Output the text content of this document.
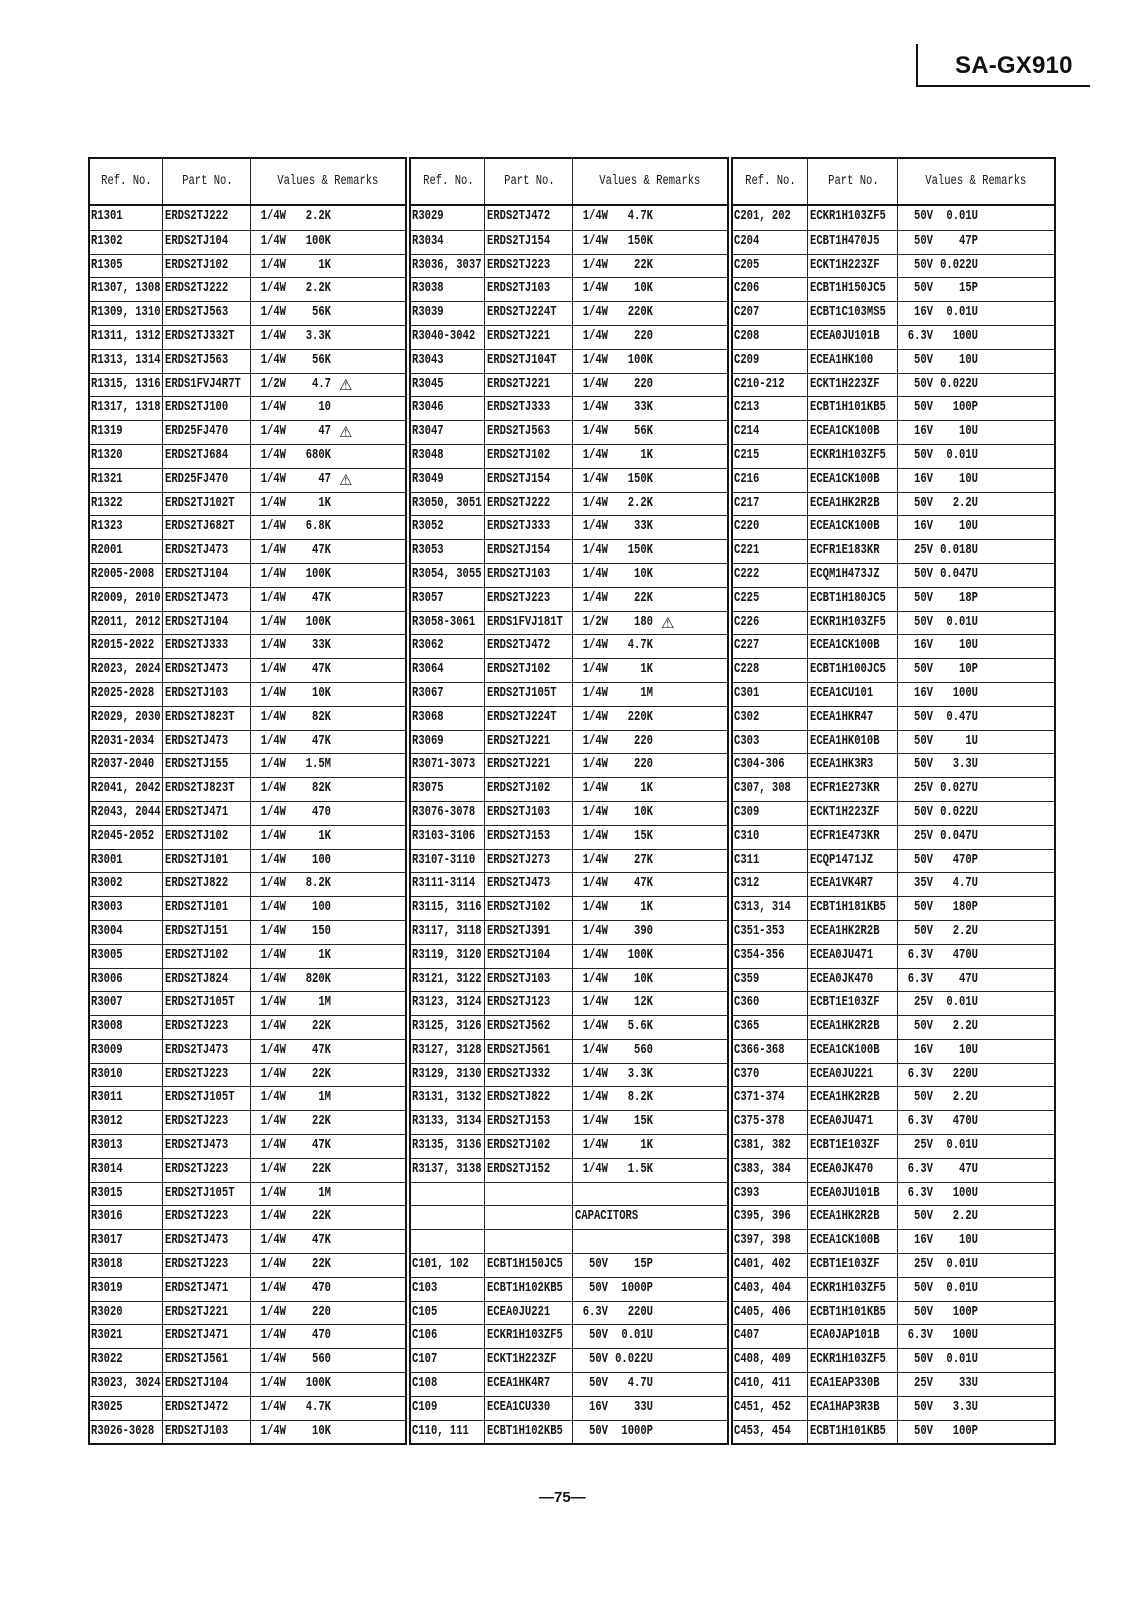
SA-GX910
Ref. No. Part No.	Values & Remarks
R1301	ERDS2TJ222	1/4W	2.2K
R1302	ERDS2TJ104	1/4W	100K
R1305	ERDS2TJ102	1/4W	1K
R1307, 1308 ERDS2TJ222	1/4W	2.2K
R1309, 1310 ERDS2TJ563	1/4W	56K
R1311, 1312 ERDS2TJ332T	1/4W	3.3K
R1313, 1314 ERDS2TJ563	1/4W	56K
R1315, 1316 ERDS1FVJ4R7T	1/2W	4.7 ⚠
R1317, 1318 ERDS2TJ100	1/4W	10
R1319	ERD25FJ470	1/4W	47 ⚠
R1320	ERDS2TJ684	1/4W	680K
R1321	ERD25FJ470	1/4W	47 ⚠
R1322	ERDS2TJ102T	1/4W	1K
R1323	ERDS2TJ682T	1/4W	6.8K
R2001	ERDS2TJ473	1/4W	47K
R2005-2008 ERDS2TJ104	1/4W	100K
R2009, 2010 ERDS2TJ473	1/4W	47K
R2011, 2012 ERDS2TJ104	1/4W	100K
R2015-2022 ERDS2TJ333	1/4W	33K
R2023, 2024 ERDS2TJ473	1/4W	47K
R2025-2028 ERDS2TJ103	1/4W	10K
R2029, 2030 ERDS2TJ823T	1/4W	82K
R2031-2034 ERDS2TJ473	1/4W	47K
R2037-2040 ERDS2TJ155	1/4W	1.5M
R2041, 2042 ERDS2TJ823T	1/4W	82K
R2043, 2044 ERDS2TJ471	1/4W	470
R2045-2052 ERDS2TJ102	1/4W	1K
R3001	ERDS2TJ101	1/4W	100
R3002	ERDS2TJ822	1/4W	8.2K
R3003	ERDS2TJ101	1/4W	100
R3004	ERDS2TJ151	1/4W	150
R3005	ERDS2TJ102	1/4W	1K
R3006	ERDS2TJ824	1/4W	820K
R3007	ERDS2TJ105T	1/4W	1M
R3008	ERDS2TJ223	1/4W	22K
R3009	ERDS2TJ473	1/4W	47K
R3010	ERDS2TJ223	1/4W	22K
R3011	ERDS2TJ105T	1/4W	1M
R3012	ERDS2TJ223	1/4W	22K
R3013	ERDS2TJ473	1/4W	47K
R3014	ERDS2TJ223	1/4W	22K
R3015	ERDS2TJ105T	1/4W	1M
R3016	ERDS2TJ223	1/4W	22K
R3017	ERDS2TJ473	1/4W	47K
R3018	ERDS2TJ223	1/4W	22K
R3019	ERDS2TJ471	1/4W	470
R3020	ERDS2TJ221	1/4W	220
R3021	ERDS2TJ471	1/4W	470
R3022	ERDS2TJ561	1/4W	560
R3023, 3024 ERDS2TJ104	1/4W	100K
R3025	ERDS2TJ472	1/4W	4.7K
R3026-3028 ERDS2TJ103	1/4W	10K
Ref. No. Part No.	Values & Remarks
R3029	ERDS2TJ472	1/4W	4.7K
R3034	ERDS2TJ154	1/4W	150K
R3036, 3037 ERDS2TJ223	1/4W	22K
R3038	ERDS2TJ103	1/4W	10K
R3039	ERDS2TJ224T	1/4W	220K
R3040-3042 ERDS2TJ221	1/4W	220
R3043	ERDS2TJ104T	1/4W	100K
R3045	ERDS2TJ221	1/4W	220
R3046	ERDS2TJ333	1/4W	33K
R3047	ERDS2TJ563	1/4W	56K
R3048	ERDS2TJ102	1/4W	1K
R3049	ERDS2TJ154	1/4W	150K
R3050, 3051 ERDS2TJ222	1/4W	2.2K
R3052	ERDS2TJ333	1/4W	33K
R3053	ERDS2TJ154	1/4W	150K
R3054, 3055 ERDS2TJ103	1/4W	10K
R3057	ERDS2TJ223	1/4W	22K
R3058-3061 ERDS1FVJ181T	1/2W	180 ⚠
R3062	ERDS2TJ472	1/4W	4.7K
R3064	ERDS2TJ102	1/4W	1K
R3067	ERDS2TJ105T	1/4W	1M
R3068	ERDS2TJ224T	1/4W	220K
R3069	ERDS2TJ221	1/4W	220
R3071-3073 ERDS2TJ221	1/4W	220
R3075	ERDS2TJ102	1/4W	1K
R3076-3078 ERDS2TJ103	1/4W	10K
R3103-3106 ERDS2TJ153	1/4W	15K
R3107-3110 ERDS2TJ273	1/4W	27K
R3111-3114 ERDS2TJ473	1/4W	47K
R3115, 3116 ERDS2TJ102	1/4W	1K
R3117, 3118 ERDS2TJ391	1/4W	390
R3119, 3120 ERDS2TJ104	1/4W	100K
R3121, 3122 ERDS2TJ103	1/4W	10K
R3123, 3124 ERDS2TJ123	1/4W	12K
R3125, 3126 ERDS2TJ562	1/4W	5.6K
R3127, 3128 ERDS2TJ561	1/4W	560
R3129, 3130 ERDS2TJ332	1/4W	3.3K
R3131, 3132 ERDS2TJ822	1/4W	8.2K
R3133, 3134 ERDS2TJ153	1/4W	15K
R3135, 3136 ERDS2TJ102	1/4W	1K
R3137, 3138 ERDS2TJ152	1/4W	1.5K
CAPACITORS
C101, 102	ECBT1H150JC5	50V	15P
C103	ECBT1H102KB5	50V 1000P
C105	ECEA0JU221	6.3V	220U
C106	ECKR1H103ZF5	50V 0.01U
C107	ECKT1H223ZF	50V 0.022U
C108	ECEA1HK4R7	50V	4.7U
C109	ECEA1CU330	16V	33U
C110, 111	ECBT1H102KB5	50V 1000P
Ref. No. Part No.	Values & Remarks
C201, 202	ECKR1H103ZF5	50V 0.01U
C204	ECBT1H470J5	50V	47P
C205	ECKT1H223ZF	50V 0.022U
C206	ECBT1H150JC5	50V	15P
C207	ECBT1C103MS5	16V 0.01U
C208	ECEA0JU101B	6.3V	100U
C209	ECEA1HK100	50V	10U
C210-212	ECKT1H223ZF	50V 0.022U
C213	ECBT1H101KB5	50V	100P
C214	ECEA1CK100B	16V	10U
C215	ECKR1H103ZF5	50V 0.01U
C216	ECEA1CK100B	16V	10U
C217	ECEA1HK2R2B	50V	2.2U
C220	ECEA1CK100B	16V	10U
C221	ECFR1E183KR	25V 0.018U
C222	ECQM1H473JZ	50V 0.047U
C225	ECBT1H180JC5	50V	18P
C226	ECKR1H103ZF5	50V 0.01U
C227	ECEA1CK100B	16V	10U
C228	ECBT1H100JC5	50V	10P
C301	ECEA1CU101	16V	100U
C302	ECEA1HKR47	50V 0.47U
C303	ECEA1HK010B	50V	1U
C304-306	ECEA1HK3R3	50V	3.3U
C307, 308	ECFR1E273KR	25V 0.027U
C309	ECKT1H223ZF	50V 0.022U
C310	ECFR1E473KR	25V 0.047U
C311	ECQP1471JZ	50V	470P
C312	ECEA1VK4R7	35V	4.7U
C313, 314	ECBT1H181KB5	50V	180P
C351-353	ECEA1HK2R2B	50V	2.2U
C354-356	ECEA0JU471	6.3V	470U
C359	ECEA0JK470	6.3V	47U
C360	ECBT1E103ZF	25V 0.01U
C365	ECEA1HK2R2B	50V	2.2U
C366-368	ECEA1CK100B	16V	10U
C370	ECEA0JU221	6.3V	220U
C371-374	ECEA1HK2R2B	50V	2.2U
C375-378	ECEA0JU471	6.3V	470U
C381, 382	ECBT1E103ZF	25V 0.01U
C383, 384	ECEA0JK470	6.3V	47U
C393	ECEA0JU101B	6.3V	100U
C395, 396	ECEA1HK2R2B	50V	2.2U
C397, 398	ECEA1CK100B	16V	10U
C401, 402	ECBT1E103ZF	25V 0.01U
C403, 404	ECKR1H103ZF5	50V 0.01U
C405, 406	ECBT1H101KB5	50V	100P
C407	ECA0JAP101B	6.3V	100U
C408, 409	ECKR1H103ZF5	50V 0.01U
C410, 411	ECA1EAP330B	25V	33U
C451, 452	ECA1HAP3R3B	50V	3.3U
C453, 454	ECBT1H101KB5	50V	100P
—75—
